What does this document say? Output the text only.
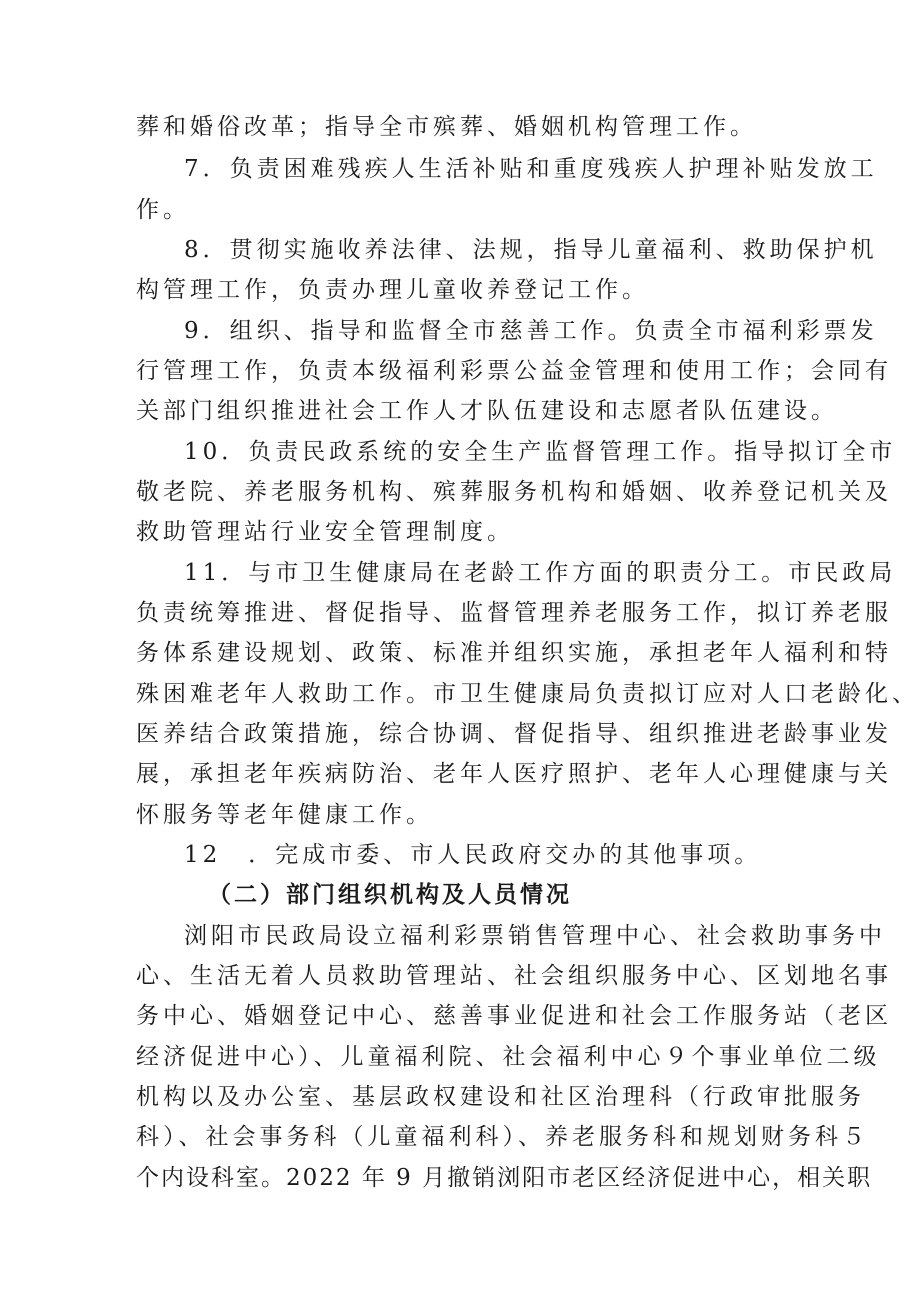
葬和婚俗改革；指导全市殡葬、婚姻机构管理工作。
7．负责困难残疾人生活补贴和重度残疾人护理补贴发放工
作。
8．贯彻实施收养法律、法规，指导儿童福利、救助保护机
构管理工作，负责办理儿童收养登记工作。
9．组织、指导和监督全市慈善工作。负责全市福利彩票发
行管理工作，负责本级福利彩票公益金管理和使用工作；会同有
关部门组织推进社会工作人才队伍建设和志愿者队伍建设。
10．负责民政系统的安全生产监督管理工作。指导拟订全市
敬老院、养老服务机构、殡葬服务机构和婚姻、收养登记机关及
救助管理站行业安全管理制度。
11．与市卫生健康局在老龄工作方面的职责分工。市民政局
负责统筹推进、督促指导、监督管理养老服务工作，拟订养老服
务体系建设规划、政策、标准并组织实施，承担老年人福利和特
殊困难老年人救助工作。市卫生健康局负责拟订应对人口老龄化、
医养结合政策措施，综合协调、督促指导、组织推进老龄事业发
展，承担老年疾病防治、老年人医疗照护、老年人心理健康与关
怀服务等老年健康工作。
12　．完成市委、市人民政府交办的其他事项。
（二）部门组织机构及人员情况
浏阳市民政局设立福利彩票销售管理中心、社会救助事务中
心、生活无着人员救助管理站、社会组织服务中心、区划地名事
务中心、婚姻登记中心、慈善事业促进和社会工作服务站（老区
经济促进中心）、儿童福利院、社会福利中心９个事业单位二级
机构以及办公室、基层政权建设和社区治理科（行政审批服务
科）、社会事务科（儿童福利科）、养老服务科和规划财务科５
个内设科室。2022 年 9 月撤销浏阳市老区经济促进中心，相关职
